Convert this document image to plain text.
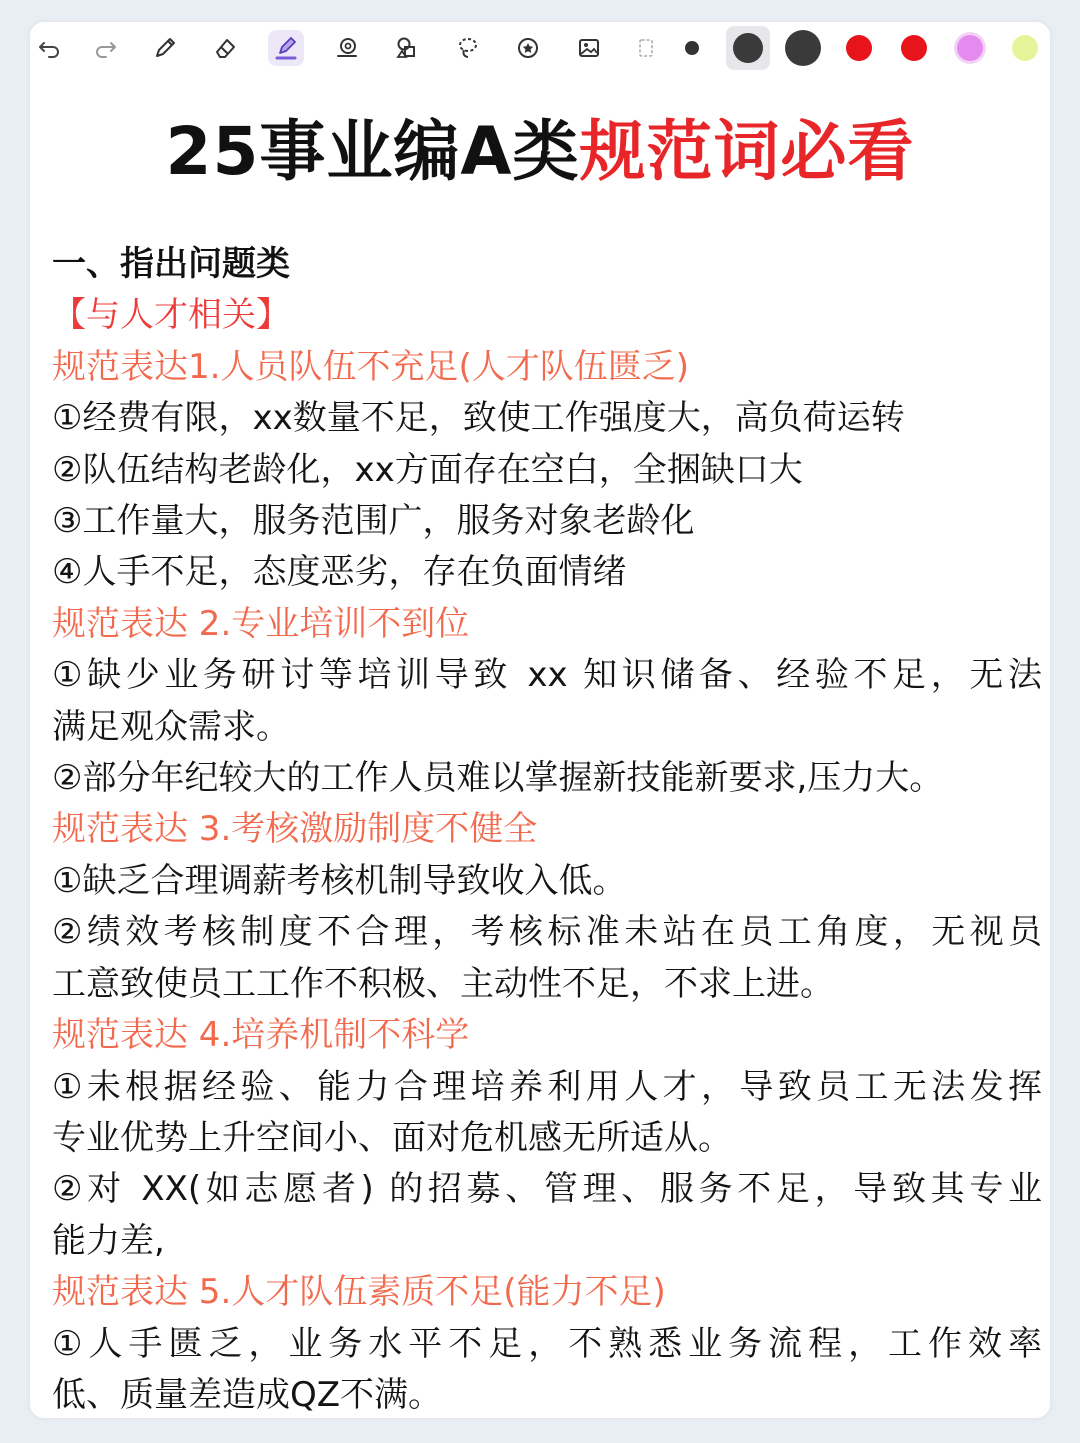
25事业编A类规范词必看
一、指出问题类
【与人才相关】
规范表达1.人员队伍不充足(人才队伍匮乏)
①经费有限，xx数量不足，致使工作强度大，高负荷运转
②队伍结构老龄化，xx方面存在空白，全捆缺口大
③工作量大，服务范围广，服务对象老龄化
④人手不足，态度恶劣，存在负面情绪
规范表达 2.专业培训不到位
①缺少业务研讨等培训导致 xx 知识储备、经验不足，无法
满足观众需求。
②部分年纪较大的工作人员难以掌握新技能新要求,压力大。
规范表达 3.考核激励制度不健全
①缺乏合理调薪考核机制导致收入低。
②绩效考核制度不合理，考核标准未站在员工角度，无视员
工意致使员工工作不积极、主动性不足，不求上进。
规范表达 4.培养机制不科学
①未根据经验、能力合理培养利用人才，导致员工无法发挥
专业优势上升空间小、面对危机感无所适从。
②对 XX(如志愿者) 的招募、管理、服务不足，导致其专业
能力差,
规范表达 5.人才队伍素质不足(能力不足)
①人手匮乏，业务水平不足，不熟悉业务流程，工作效率
低、质量差造成QZ不满。
